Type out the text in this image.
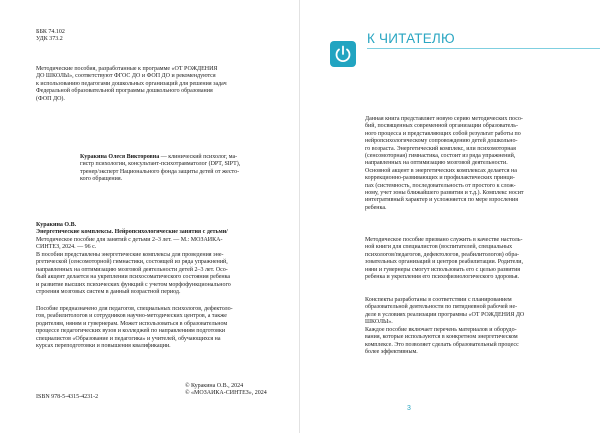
ББК 74.102
УДК 373.2
Методические пособия, разработанные к программе «ОТ РОЖДЕНИЯ
ДО ШКОЛЫ», соответствуют ФГОС ДО и ФОП ДО и рекомендуются
к использованию педагогами дошкольных организаций для решения задач
Федеральной образовательной программы дошкольного образования
(ФОП ДО).
Куракина Олеся Викторовна — клинический психолог, ма-
гистр психологии, консультант-психотравматолог (DPT, SIPT),
тренер/эксперт Национального фонда защиты детей от жесто-
кого обращения.
Куракина О.В.
Энергетические комплексы. Нейропсихологические занятия с детьми/
Методическое пособие для занятий с детьми 2–3 лет. — М.: МОЗАИКА-
СИНТЕЗ, 2024. — 96 с.
В пособии представлены энергетические комплексы для проведения эне-
ргетической (сенсомоторной) гимнастики, состоящей из ряда упражнений,
направленных на оптимизацию мозговой деятельности детей 2–3 лет. Осо-
бый акцент делается на укреплении психосоматического состояния ребенка
и развитие высших психических функций с учетом морфофункционального
строения мозговых систем в данный возрастной период.
Пособие предназначено для педагогов, специальных психологов, дефектоло-
гов, реабилитологов и сотрудников научно-методических центров, а также
родителям, няням и гувернерам. Может использоваться в образовательном
процессе педагогических вузов и колледжей по направлениям подготовки
специалистов «Образование и педагогика» и учителей, обучающихся на
курсах переподготовки и повышения квалификации.
© Куракина О.В., 2024
© «МОЗАИКА-СИНТЕЗ», 2024
ISBN 978-5-4315-4231-2
К ЧИТАТЕЛЮ
Данная книга представляет новую серию методических посо-
бий, посвященных современной организации образователь-
ного процесса и представляющих собой результат работы по
нейропсихологическому сопровождению детей дошкольно-
го возраста. Энергетический комплекс, или психомоторная
(сенсомоторная) гимнастика, состоит из ряда упражнений,
направленных на оптимизацию мозговой деятельности.
Основной акцент в энергетических комплексах делается на
коррекционно-развивающих и профилактических принци-
пах (системность, последовательность от простого к слож-
ному, учет зоны ближайшего развития и т.д.). Комплекс носит
интегративный характер и усложняется по мере взросления
ребенка.
Методическое пособие призвано служить в качестве настоль-
ной книги для специалистов (воспитателей, специальных
психологов/педагогов, дефектологов, реабилитологов) обра-
зовательных организаций и центров реабилитации. Родители,
няни и гувернеры смогут использовать его с целью развития
ребенка и укрепления его психофизиологического здоровья.
Конспекты разработаны в соответствии с планированием
образовательной деятельности по пятидневной рабочей не-
деле в условиях реализации программы «ОТ РОЖДЕНИЯ ДО
ШКОЛЫ».
Каждое пособие включает перечень материалов и оборудо-
вания, которые используются в конкретном энергетическом
комплексе. Это позволяет сделать образовательный процесс
более эффективным.
3
